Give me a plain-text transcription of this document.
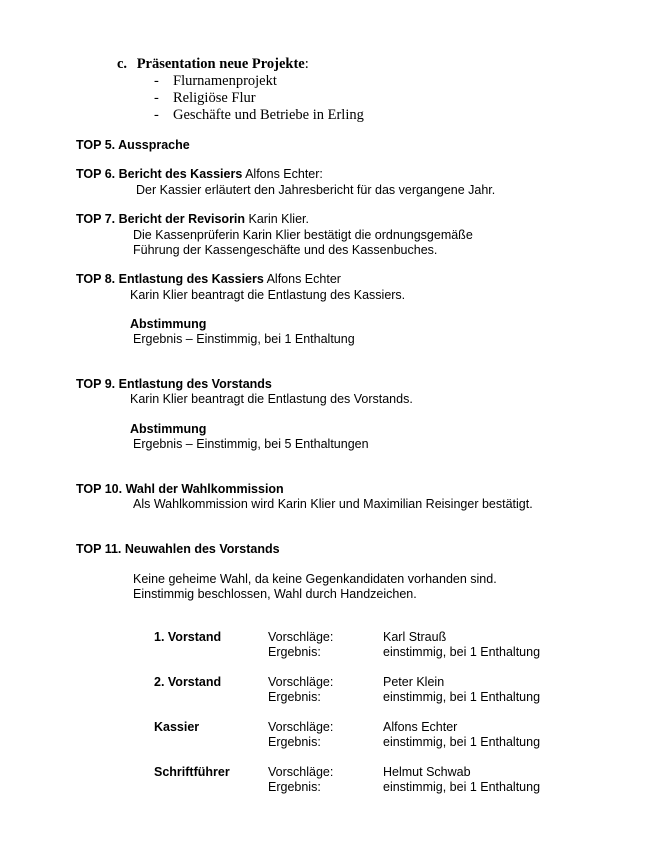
c. Präsentation neue Projekte:
- Flurnamenprojekt
- Religiöse Flur
- Geschäfte und Betriebe in Erling
TOP 5. Aussprache
TOP 6. Bericht des Kassiers Alfons Echter:
Der Kassier erläutert den Jahresbericht für das vergangene Jahr.
TOP 7. Bericht der Revisorin Karin Klier.
Die Kassenprüferin Karin Klier bestätigt die ordnungsgemäße
Führung der Kassengeschäfte und des Kassenbuches.
TOP 8. Entlastung des Kassiers Alfons Echter
Karin Klier beantragt die Entlastung des Kassiers.
Abstimmung
Ergebnis – Einstimmig, bei 1 Enthaltung
TOP 9. Entlastung des Vorstands
Karin Klier beantragt die Entlastung des Vorstands.
Abstimmung
Ergebnis – Einstimmig, bei 5 Enthaltungen
TOP 10. Wahl der Wahlkommission
Als Wahlkommission wird Karin Klier und Maximilian Reisinger bestätigt.
TOP 11. Neuwahlen des Vorstands
Keine geheime Wahl, da keine Gegenkandidaten vorhanden sind.
Einstimmig beschlossen, Wahl durch Handzeichen.
1. Vorstand	Vorschläge:	Karl Strauß
Ergebnis:	einstimmig, bei 1 Enthaltung
2. Vorstand	Vorschläge:	Peter Klein
Ergebnis:	einstimmig, bei 1 Enthaltung
Kassier	Vorschläge:	Alfons Echter
Ergebnis:	einstimmig, bei 1 Enthaltung
Schriftführer	Vorschläge:	Helmut Schwab
Ergebnis:	einstimmig, bei 1 Enthaltung
